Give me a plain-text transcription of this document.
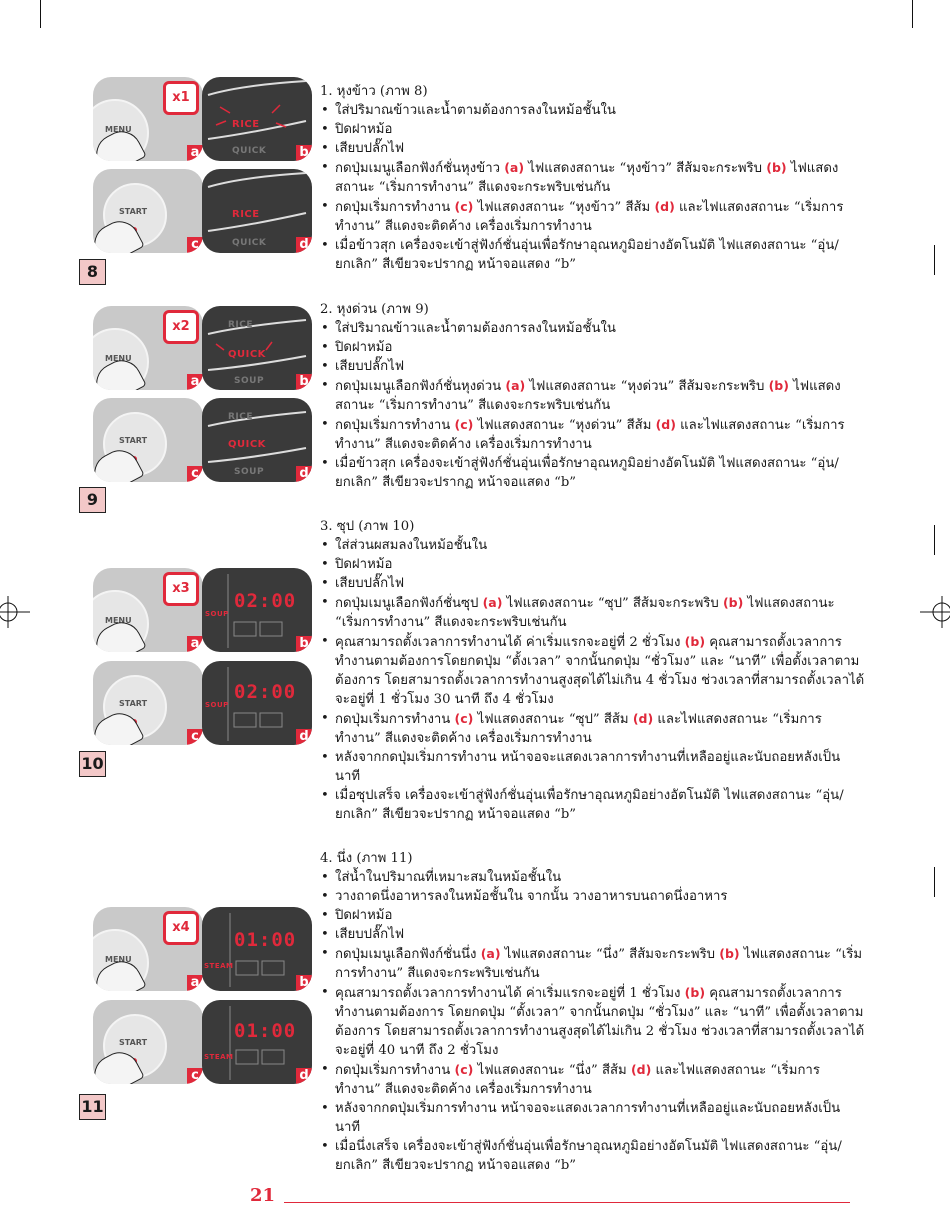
MENU
x1
a
RICE
QUICK	b
START
c
RICE
QUICK	d
8
1. หุงข้าว (ภาพ 8)
• ใส่ปริมาณข้าวและน้ำตามต้องการลงในหม้อชั้นใน
• ปิดฝาหม้อ
• เสียบปลั๊กไฟ
• กดปุ่มเมนูเลือกฟังก์ชั่นหุงข้าว (a) ไฟแสดงสถานะ “หุงข้าว” สีส้มจะกระพริบ (b) ไฟแสดงสถานะ “เริ่มการทำงาน” สีแดงจะกระพริบเช่นกัน
• กดปุ่มเริ่มการทำงาน (c) ไฟแสดงสถานะ “หุงข้าว” สีส้ม (d) และไฟแสดงสถานะ “เริ่มการทำงาน” สีแดงจะติดค้าง เครื่องเริ่มการทำงาน
• เมื่อข้าวสุก เครื่องจะเข้าสู่ฟังก์ชั่นอุ่นเพื่อรักษาอุณหภูมิอย่างอัตโนมัติ ไฟแสดงสถานะ “อุ่น/ยกเลิก” สีเขียวจะปรากฏ หน้าจอแสดง “b”
MENU
x2
a
RICE
QUICK
SOUP	b
START
c
RICE
QUICK
SOUP	d
9
2. หุงด่วน (ภาพ 9)
• ใส่ปริมาณข้าวและน้ำตามต้องการลงในหม้อชั้นใน
• ปิดฝาหม้อ
• เสียบปลั๊กไฟ
• กดปุ่มเมนูเลือกฟังก์ชั่นหุงด่วน (a) ไฟแสดงสถานะ “หุงด่วน” สีส้มจะกระพริบ (b) ไฟแสดงสถานะ “เริ่มการทำงาน” สีแดงจะกระพริบเช่นกัน
• กดปุ่มเริ่มการทำงาน (c) ไฟแสดงสถานะ “หุงด่วน” สีส้ม (d) และไฟแสดงสถานะ “เริ่มการทำงาน” สีแดงจะติดค้าง เครื่องเริ่มการทำงาน
• เมื่อข้าวสุก เครื่องจะเข้าสู่ฟังก์ชั่นอุ่นเพื่อรักษาอุณหภูมิอย่างอัตโนมัติ ไฟแสดงสถานะ “อุ่น/ยกเลิก” สีเขียวจะปรากฏ หน้าจอแสดง “b”
MENU
x3
a
SOUP
02:00
b
START
c
SOUP
02:00
d
10
3. ซุป (ภาพ 10)
• ใส่ส่วนผสมลงในหม้อชั้นใน
• ปิดฝาหม้อ
• เสียบปลั๊กไฟ
• กดปุ่มเมนูเลือกฟังก์ชั่นซุป (a) ไฟแสดงสถานะ “ซุป” สีส้มจะกระพริบ (b) ไฟแสดงสถานะ “เริ่มการทำงาน” สีแดงจะกระพริบเช่นกัน
• คุณสามารถตั้งเวลาการทำงานได้ ค่าเริ่มแรกจะอยู่ที่ 2 ชั่วโมง (b) คุณสามารถตั้งเวลาการทำงานตามต้องการโดยกดปุ่ม “ตั้งเวลา” จากนั้นกดปุ่ม “ชั่วโมง” และ “นาที” เพื่อตั้งเวลาตามต้องการ โดยสามารถตั้งเวลาการทำงานสูงสุดได้ไม่เกิน 4 ชั่วโมง ช่วงเวลาที่สามารถตั้งเวลาได้จะอยู่ที่ 1 ชั่วโมง 30 นาที ถึง 4 ชั่วโมง
• กดปุ่มเริ่มการทำงาน (c) ไฟแสดงสถานะ “ซุป” สีส้ม (d) และไฟแสดงสถานะ “เริ่มการทำงาน” สีแดงจะติดค้าง เครื่องเริ่มการทำงาน
• หลังจากกดปุ่มเริ่มการทำงาน หน้าจอจะแสดงเวลาการทำงานที่เหลืออยู่และนับถอยหลังเป็นนาที
• เมื่อซุปเสร็จ เครื่องจะเข้าสู่ฟังก์ชั่นอุ่นเพื่อรักษาอุณหภูมิอย่างอัตโนมัติ ไฟแสดงสถานะ “อุ่น/ยกเลิก” สีเขียวจะปรากฏ หน้าจอแสดง “b”
MENU
x4
a
STEAM
01:00
b
START
c
STEAM
01:00
d
11
4. นึ่ง (ภาพ 11)
• ใส่น้ำในปริมาณที่เหมาะสมในหม้อชั้นใน
• วางถาดนึ่งอาหารลงในหม้อชั้นใน จากนั้น วางอาหารบนถาดนึ่งอาหาร
• ปิดฝาหม้อ
• เสียบปลั๊กไฟ
• กดปุ่มเมนูเลือกฟังก์ชั่นนึ่ง (a) ไฟแสดงสถานะ “นึ่ง” สีส้มจะกระพริบ (b) ไฟแสดงสถานะ “เริ่มการทำงาน” สีแดงจะกระพริบเช่นกัน
• คุณสามารถตั้งเวลาการทำงานได้ ค่าเริ่มแรกจะอยู่ที่ 1 ชั่วโมง (b) คุณสามารถตั้งเวลาการทำงานตามต้องการ โดยกดปุ่ม “ตั้งเวลา” จากนั้นกดปุ่ม “ชั่วโมง” และ “นาที” เพื่อตั้งเวลาตามต้องการ โดยสามารถตั้งเวลาการทำงานสูงสุดได้ไม่เกิน 2 ชั่วโมง ช่วงเวลาที่สามารถตั้งเวลาได้จะอยู่ที่ 40 นาที ถึง 2 ชั่วโมง
• กดปุ่มเริ่มการทำงาน (c) ไฟแสดงสถานะ “นึ่ง” สีส้ม (d) และไฟแสดงสถานะ “เริ่มการทำงาน” สีแดงจะติดค้าง เครื่องเริ่มการทำงาน
• หลังจากกดปุ่มเริ่มการทำงาน หน้าจอจะแสดงเวลาการทำงานที่เหลืออยู่และนับถอยหลังเป็นนาที
• เมื่อนึ่งเสร็จ เครื่องจะเข้าสู่ฟังก์ชั่นอุ่นเพื่อรักษาอุณหภูมิอย่างอัตโนมัติ ไฟแสดงสถานะ “อุ่น/ยกเลิก” สีเขียวจะปรากฏ หน้าจอแสดง “b”
21
